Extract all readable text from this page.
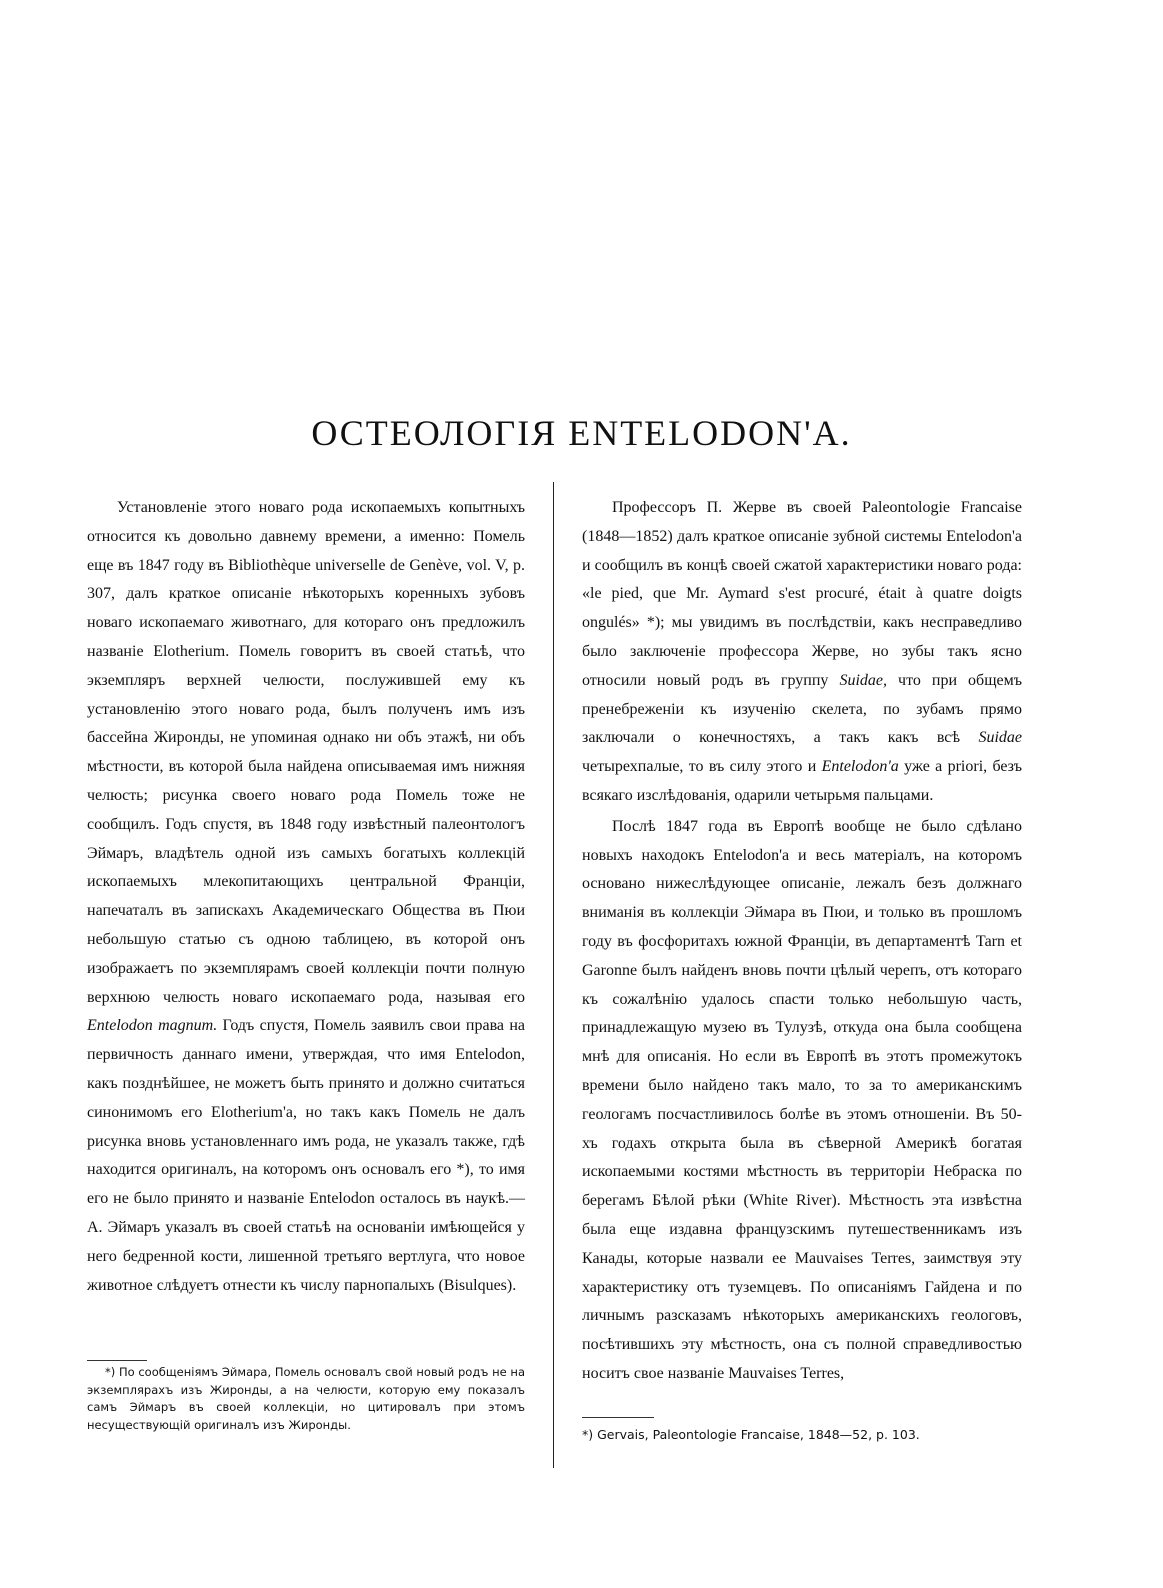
ОСТЕОЛОГІЯ ENTELODON'А.

Установленіе этого новаго рода ископаемыхъ копытныхъ относится къ довольно давнему времени, а именно: Помель еще въ 1847 году въ Bibliothèque universelle de Genève, vol. V, p. 307, далъ краткое описаніе нѣкоторыхъ коренныхъ зубовъ новаго ископаемаго животнаго, для котораго онъ предложилъ названіе Elotherium. Помель говоритъ въ своей статьѣ, что экземпляръ верхней челюсти, послужившей ему къ установленію этого новаго рода, былъ полученъ имъ изъ бассейна Жиронды, не упоминая однако ни объ этажѣ, ни объ мѣстности, въ которой была найдена описываемая имъ нижняя челюсть; рисунка своего новаго рода Помель тоже не сообщилъ. Годъ спустя, въ 1848 году извѣстный палеонтологъ Эймаръ, владѣтель одной изъ самыхъ богатыхъ коллекцій ископаемыхъ млекопитающихъ центральной Франціи, напечаталъ въ запискахъ Академическаго Общества въ Пюи небольшую статью съ одною таблицею, въ которой онъ изображаетъ по экземплярамъ своей коллекціи почти полную верхнюю челюсть новаго ископаемаго рода, называя его Entelodon magnum. Годъ спустя, Помель заявилъ свои права на первичность даннаго имени, утверждая, что имя Entelodon, какъ позднѣйшее, не можетъ быть принято и должно считаться синонимомъ его Elotherium'а, но такъ какъ Помель не далъ рисунка вновь установленнаго имъ рода, не указалъ также, гдѣ находится оригиналъ, на которомъ онъ основалъ его *), то имя его не было принято и названіе Entelodon осталось въ наукѣ.—А. Эймаръ указалъ въ своей статьѣ на основаніи имѣющейся у него бедренной кости, лишенной третьяго вертлуга, что новое животное слѣдуетъ отнести къ числу парнопалыхъ (Bisulques).

Профессоръ П. Жерве въ своей Paleontologie Francaise (1848—1852) далъ краткое описаніе зубной системы Entelodon'а и сообщилъ въ концѣ своей сжатой характеристики новаго рода: «le pied, que Mr. Aymard s'est procuré, était à quatre doigts ongulés» *); мы увидимъ въ послѣдствіи, какъ несправедливо было заключеніе профессора Жерве, но зубы такъ ясно относили новый родъ въ группу Suidae, что при общемъ пренебреженіи къ изученію скелета, по зубамъ прямо заключали о конечностяхъ, а такъ какъ всѣ Suidae четырехпалые, то въ силу этого и Entelodon'а уже a priori, безъ всякаго изслѣдованія, одарили четырьмя пальцами.

Послѣ 1847 года въ Европѣ вообще не было сдѣлано новыхъ находокъ Entelodon'а и весь матеріалъ, на которомъ основано нижеслѣдующее описаніе, лежалъ безъ должнаго вниманія въ коллекціи Эймара въ Пюи, и только въ прошломъ году въ фосфоритахъ южной Франціи, въ департаментѣ Tarn et Garonne былъ найденъ вновь почти цѣлый черепъ, отъ котораго къ сожалѣнію удалось спасти только небольшую часть, принадлежащую музею въ Тулузѣ, откуда она была сообщена мнѣ для описанія. Но если въ Европѣ въ этотъ промежутокъ времени было найдено такъ мало, то за то американскимъ геологамъ посчастливилось болѣе въ этомъ отношеніи. Въ 50-хъ годахъ открыта была въ сѣверной Америкѣ богатая ископаемыми костями мѣстность въ территоріи Небраска по берегамъ Бѣлой рѣки (White River). Мѣстность эта извѣстна была еще издавна французскимъ путешественникамъ изъ Канады, которые назвали ее Mauvaises Terres, заимствуя эту характеристику отъ туземцевъ. По описаніямъ Гайдена и по личнымъ разсказамъ нѣкоторыхъ американскихъ геологовъ, посѣтившихъ эту мѣстность, она съ полной справедливостью носитъ свое названіе Mauvaises Terres,

*) По сообщеніямъ Эймара, Помель основалъ свой новый родъ не на экземплярахъ изъ Жиронды, а на челюсти, которую ему показалъ самъ Эймаръ въ своей коллекціи, но цитировалъ при этомъ несуществующій оригиналъ изъ Жиронды.

*) Gervais, Paleontologie Francaise, 1848—52, p. 103.
